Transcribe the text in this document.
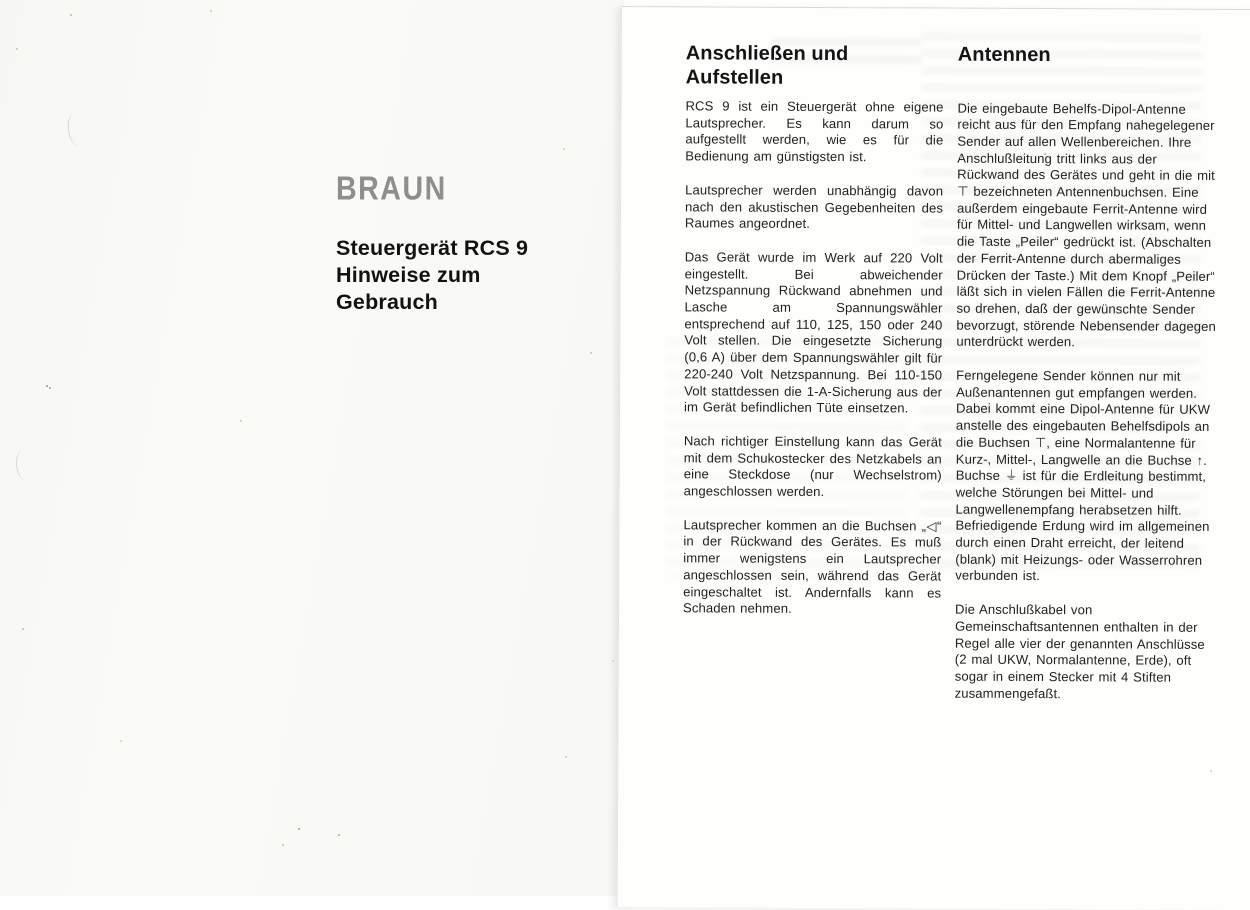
BRAUN
Steuergerät RCS 9
Hinweise zum Gebrauch
Anschließen und Aufstellen

RCS 9 ist ein Steuergerät ohne eigene Lautsprecher. Es kann darum so aufgestellt werden, wie es für die Bedienung am günstigsten ist.

Lautsprecher werden unabhängig davon nach den akustischen Gegebenheiten des Raumes angeordnet.

Das Gerät wurde im Werk auf 220 Volt eingestellt. Bei abweichender Netzspannung Rückwand abnehmen und Lasche am Spannungswähler entsprechend auf 110, 125, 150 oder 240 Volt stellen. Die eingesetzte Sicherung (0,6 A) über dem Spannungswähler gilt für 220-240 Volt Netzspannung. Bei 110-150 Volt stattdessen die 1-A-Sicherung aus der im Gerät befindlichen Tüte einsetzen.

Nach richtiger Einstellung kann das Gerät mit dem Schukostecker des Netzkabels an eine Steckdose (nur Wechselstrom) angeschlossen werden.

Lautsprecher kommen an die Buchsen „◁“ in der Rückwand des Gerätes. Es muß immer wenigstens ein Lautsprecher angeschlossen sein, während das Gerät eingeschaltet ist. Andernfalls kann es Schaden nehmen.

Antennen

Die eingebaute Behelfs-Dipol-Antenne reicht aus für den Empfang nahegelegener Sender auf allen Wellenbereichen. Ihre Anschlußleitung tritt links aus der Rückwand des Gerätes und geht in die mit ⊤ bezeichneten Antennenbuchsen. Eine außerdem eingebaute Ferrit-Antenne wird für Mittel- und Langwellen wirksam, wenn die Taste „Peiler“ gedrückt ist. (Abschalten der Ferrit-Antenne durch abermaliges Drücken der Taste.) Mit dem Knopf „Peiler“ läßt sich in vielen Fällen die Ferrit-Antenne so drehen, daß der gewünschte Sender bevorzugt, störende Nebensender dagegen unterdrückt werden.

Ferngelegene Sender können nur mit Außenantennen gut empfangen werden. Dabei kommt eine Dipol-Antenne für UKW anstelle des eingebauten Behelfsdipols an die Buchsen ⊤, eine Normalantenne für Kurz-, Mittel-, Langwelle an die Buchse ↑. Buchse ⏚ ist für die Erdleitung bestimmt, welche Störungen bei Mittel- und Langwellenempfang herabsetzen hilft. Befriedigende Erdung wird im allgemeinen durch einen Draht erreicht, der leitend (blank) mit Heizungs- oder Wasserrohren verbunden ist.

Die Anschlußkabel von Gemeinschaftsantennen enthalten in der Regel alle vier der genannten Anschlüsse (2 mal UKW, Normalantenne, Erde), oft sogar in einem Stecker mit 4 Stiften zusammengefaßt.
